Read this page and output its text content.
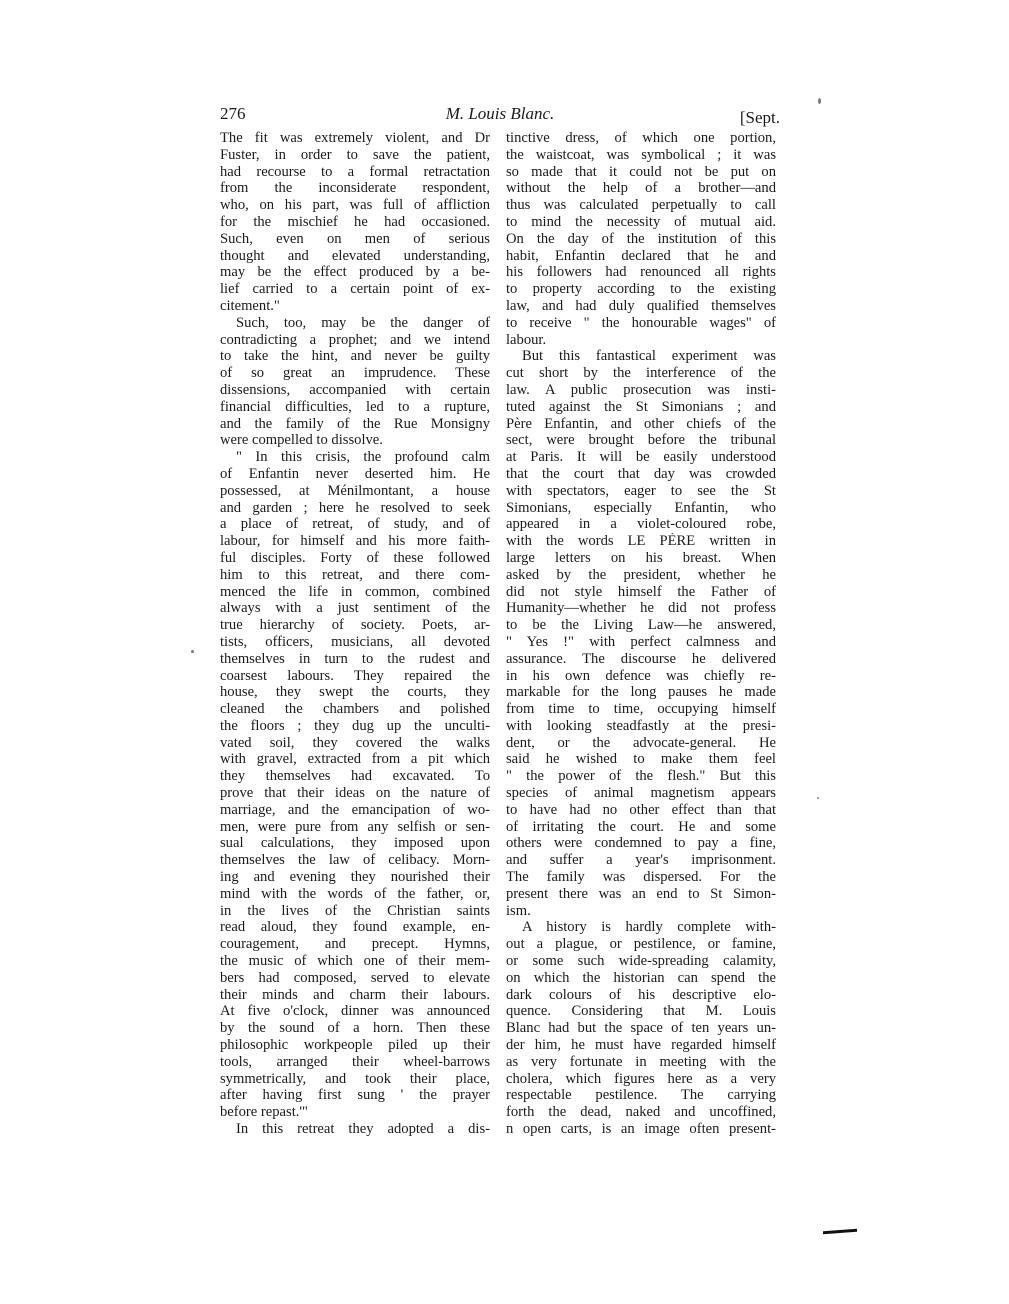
276	M. Louis Blanc.	[Sept.
The fit was extremely violent, and Dr
Fuster, in order to save the patient,
had recourse to a formal retractation
from the inconsiderate respondent,
who, on his part, was full of affliction
for the mischief he had occasioned.
Such, even on men of serious
thought and elevated understanding,
may be the effect produced by a be-
lief carried to a certain point of ex-
citement."
Such, too, may be the danger of
contradicting a prophet; and we intend
to take the hint, and never be guilty
of so great an imprudence. These
dissensions, accompanied with certain
financial difficulties, led to a rupture,
and the family of the Rue Monsigny
were compelled to dissolve.
" In this crisis, the profound calm
of Enfantin never deserted him. He
possessed, at Ménilmontant, a house
and garden ; here he resolved to seek
a place of retreat, of study, and of
labour, for himself and his more faith-
ful disciples. Forty of these followed
him to this retreat, and there com-
menced the life in common, combined
always with a just sentiment of the
true hierarchy of society. Poets, ar-
tists, officers, musicians, all devoted
themselves in turn to the rudest and
coarsest labours. They repaired the
house, they swept the courts, they
cleaned the chambers and polished
the floors ; they dug up the unculti-
vated soil, they covered the walks
with gravel, extracted from a pit which
they themselves had excavated. To
prove that their ideas on the nature of
marriage, and the emancipation of wo-
men, were pure from any selfish or sen-
sual calculations, they imposed upon
themselves the law of celibacy. Morn-
ing and evening they nourished their
mind with the words of the father, or,
in the lives of the Christian saints
read aloud, they found example, en-
couragement, and precept. Hymns,
the music of which one of their mem-
bers had composed, served to elevate
their minds and charm their labours.
At five o'clock, dinner was announced
by the sound of a horn. Then these
philosophic workpeople piled up their
tools, arranged their wheel-barrows
symmetrically, and took their place,
after having first sung ' the prayer
before repast.'"
In this retreat they adopted a dis-
tinctive dress, of which one portion,
the waistcoat, was symbolical ; it was
so made that it could not be put on
without the help of a brother—and
thus was calculated perpetually to call
to mind the necessity of mutual aid.
On the day of the institution of this
habit, Enfantin declared that he and
his followers had renounced all rights
to property according to the existing
law, and had duly qualified themselves
to receive " the honourable wages" of
labour.
But this fantastical experiment was
cut short by the interference of the
law. A public prosecution was insti-
tuted against the St Simonians ; and
Père Enfantin, and other chiefs of the
sect, were brought before the tribunal
at Paris. It will be easily understood
that the court that day was crowded
with spectators, eager to see the St
Simonians, especially Enfantin, who
appeared in a violet-coloured robe,
with the words LE PÈRE written in
large letters on his breast. When
asked by the president, whether he
did not style himself the Father of
Humanity—whether he did not profess
to be the Living Law—he answered,
" Yes !" with perfect calmness and
assurance. The discourse he delivered
in his own defence was chiefly re-
markable for the long pauses he made
from time to time, occupying himself
with looking steadfastly at the presi-
dent, or the advocate-general. He
said he wished to make them feel
" the power of the flesh." But this
species of animal magnetism appears
to have had no other effect than that
of irritating the court. He and some
others were condemned to pay a fine,
and suffer a year's imprisonment.
The family was dispersed. For the
present there was an end to St Simon-
ism.
A history is hardly complete with-
out a plague, or pestilence, or famine,
or some such wide-spreading calamity,
on which the historian can spend the
dark colours of his descriptive elo-
quence. Considering that M. Louis
Blanc had but the space of ten years un-
der him, he must have regarded himself
as very fortunate in meeting with the
cholera, which figures here as a very
respectable pestilence. The carrying
forth the dead, naked and uncoffined,
n open carts, is an image often present-
